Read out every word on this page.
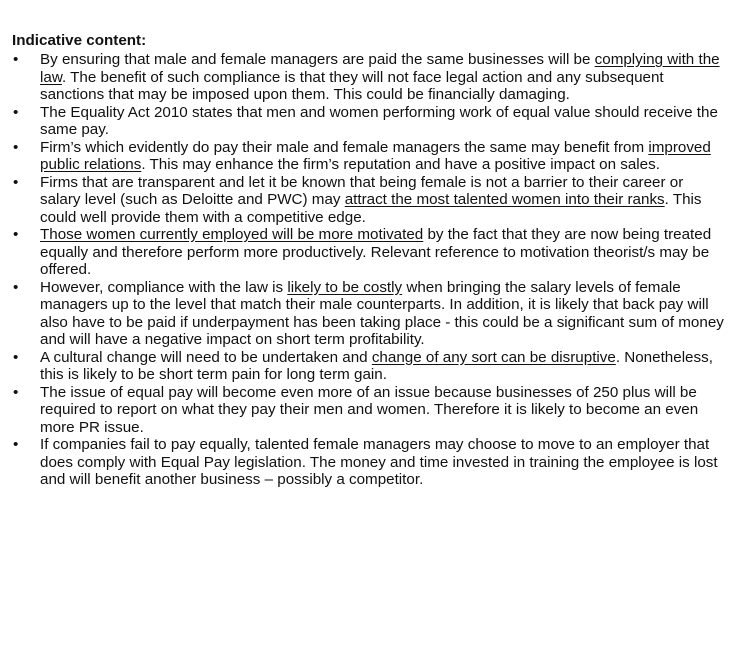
Indicative content:
•	By ensuring that male and female managers are paid the same businesses will be complying with the law. The benefit of such compliance is that they will not face legal action and any subsequent sanctions that may be imposed upon them. This could be financially damaging.
•	The Equality Act 2010 states that men and women performing work of equal value should receive the same pay.
•	Firm’s which evidently do pay their male and female managers the same may benefit from improved public relations. This may enhance the firm’s reputation and have a positive impact on sales.
•	Firms that are transparent and let it be known that being female is not a barrier to their career or salary level (such as Deloitte and PWC) may attract the most talented women into their ranks. This could well provide them with a competitive edge.
•	Those women currently employed will be more motivated by the fact that they are now being treated equally and therefore perform more productively. Relevant reference to motivation theorist/s may be offered.
•	However, compliance with the law is likely to be costly when bringing the salary levels of female managers up to the level that match their male counterparts. In addition, it is likely that back pay will also have to be paid if underpayment has been taking place - this could be a significant sum of money and will have a negative impact on short term profitability.
•	A cultural change will need to be undertaken and change of any sort can be disruptive. Nonetheless, this is likely to be short term pain for long term gain.
•	The issue of equal pay will become even more of an issue because businesses of 250 plus will be required to report on what they pay their men and women. Therefore it is likely to become an even more PR issue.
•	If companies fail to pay equally, talented female managers may choose to move to an employer that does comply with Equal Pay legislation. The money and time invested in training the employee is lost and will benefit another business – possibly a competitor.
